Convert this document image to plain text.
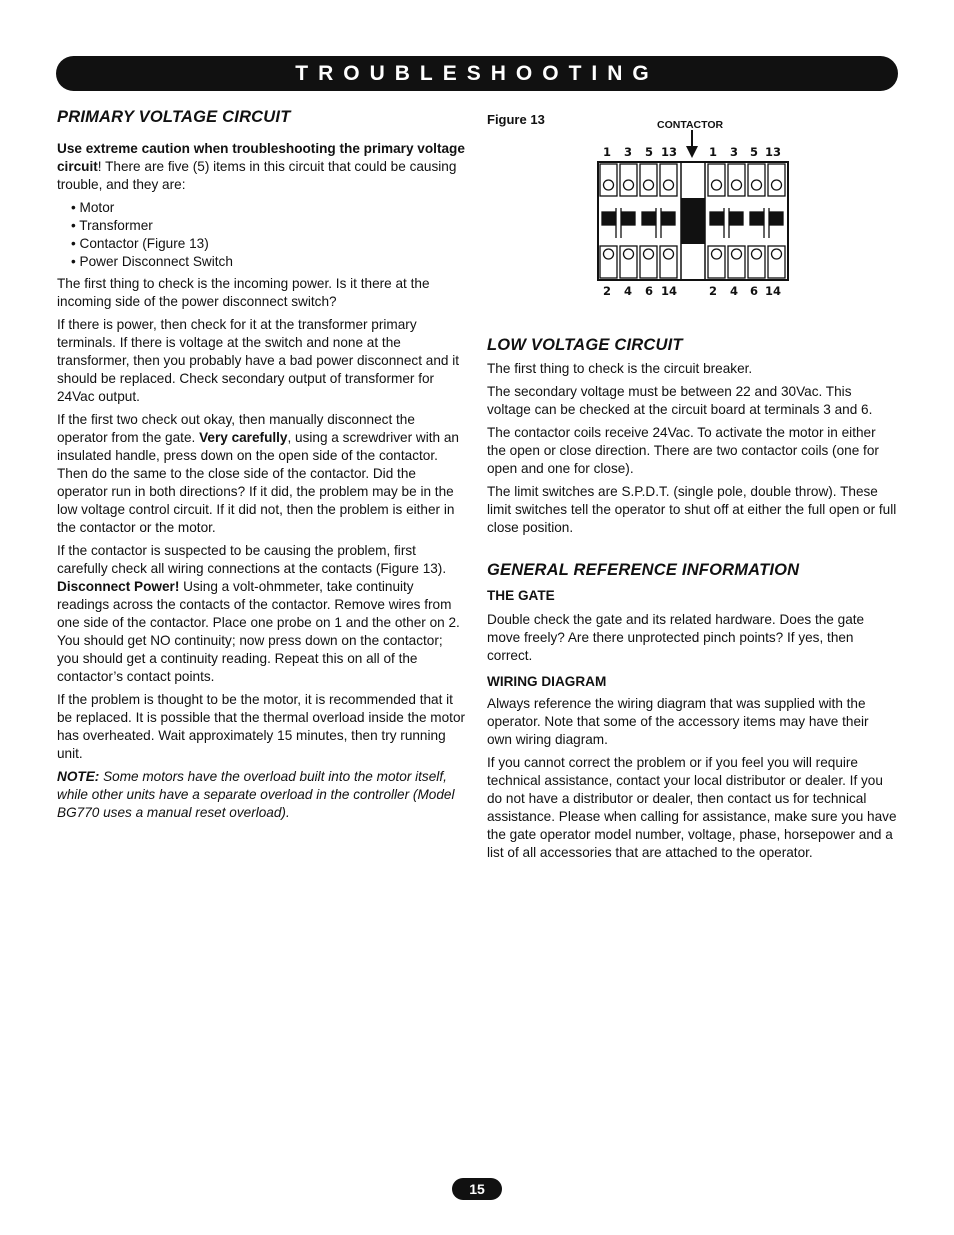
TROUBLESHOOTING
PRIMARY VOLTAGE CIRCUIT

Use extreme caution when troubleshooting the primary voltage circuit! There are five (5) items in this circuit that could be causing trouble, and they are:

• Motor
• Transformer
• Contactor (Figure 13)
• Power Disconnect Switch

The first thing to check is the incoming power. Is it there at the incoming side of the power disconnect switch?

If there is power, then check for it at the transformer primary terminals. If there is voltage at the switch and none at the transformer, then you probably have a bad power disconnect and it should be replaced. Check secondary output of transformer for 24Vac output.

If the first two check out okay, then manually disconnect the operator from the gate. Very carefully, using a screwdriver with an insulated handle, press down on the open side of the contactor. Then do the same to the close side of the contactor. Did the operator run in both directions? If it did, the problem may be in the low voltage control circuit. If it did not, then the problem is either in the contactor or the motor.

If the contactor is suspected to be causing the problem, first carefully check all wiring connections at the contacts (Figure 13). Disconnect Power! Using a volt-ohmmeter, take continuity readings across the contacts of the contactor. Remove wires from one side of the contactor. Place one probe on 1 and the other on 2. You should get NO continuity; now press down on the contactor; you should get a continuity reading. Repeat this on all of the contactor’s contact points.

If the problem is thought to be the motor, it is recommended that it be replaced. It is possible that the thermal overload inside the motor has overheated. Wait approximately 15 minutes, then try running unit.

NOTE: Some motors have the overload built into the motor itself, while other units have a separate overload in the controller (Model BG770 uses a manual reset overload).

Figure 13	CONTACTOR
1 3 5 13	1 3 5 13
2 4 6 14	2 4 6 14
LOW VOLTAGE CIRCUIT

The first thing to check is the circuit breaker.

The secondary voltage must be between 22 and 30Vac. This voltage can be checked at the circuit board at terminals 3 and 6.

The contactor coils receive 24Vac. To activate the motor in either the open or close direction. There are two contactor coils (one for open and one for close).

The limit switches are S.P.D.T. (single pole, double throw). These limit switches tell the operator to shut off at either the full open or full close position.

GENERAL REFERENCE INFORMATION
THE GATE

Double check the gate and its related hardware. Does the gate move freely? Are there unprotected pinch points? If yes, then correct.

WIRING DIAGRAM

Always reference the wiring diagram that was supplied with the operator. Note that some of the accessory items may have their own wiring diagram.

If you cannot correct the problem or if you feel you will require technical assistance, contact your local distributor or dealer. If you do not have a distributor or dealer, then contact us for technical assistance. Please when calling for assistance, make sure you have the gate operator model number, voltage, phase, horsepower and a list of all accessories that are attached to the operator.

15
